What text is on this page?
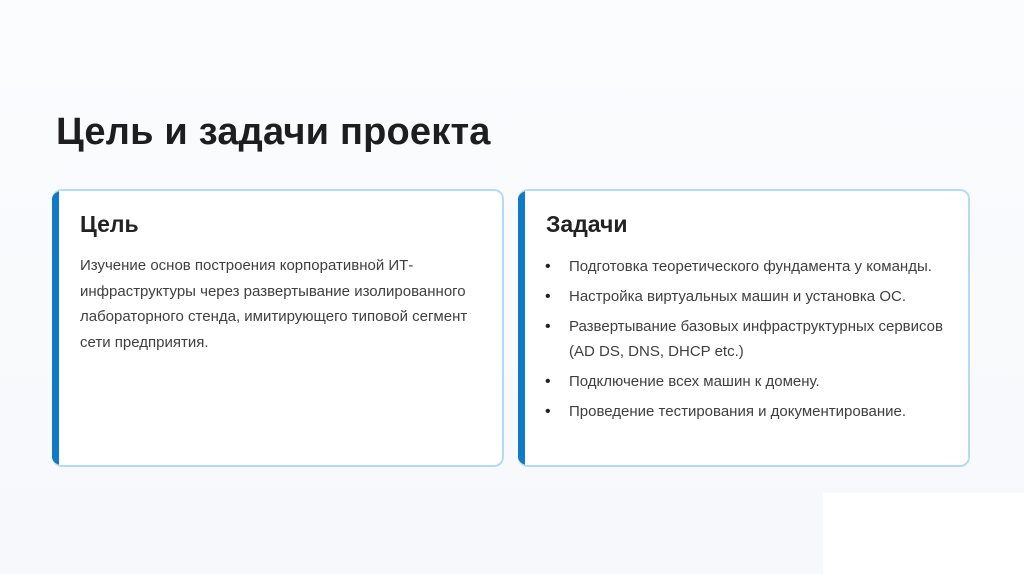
Цель и задачи проекта
Цель

Изучение основ построения корпоративной ИТ-инфраструктуры через развертывание изолированного лабораторного стенда, имитирующего типовой сегмент сети предприятия.

Задачи
• Подготовка теоретического фундамента у команды.
• Настройка виртуальных машин и установка ОС.
• Развертывание базовых инфраструктурных сервисов (AD DS, DNS, DHCP etc.)
• Подключение всех машин к домену.
• Проведение тестирования и документирование.
